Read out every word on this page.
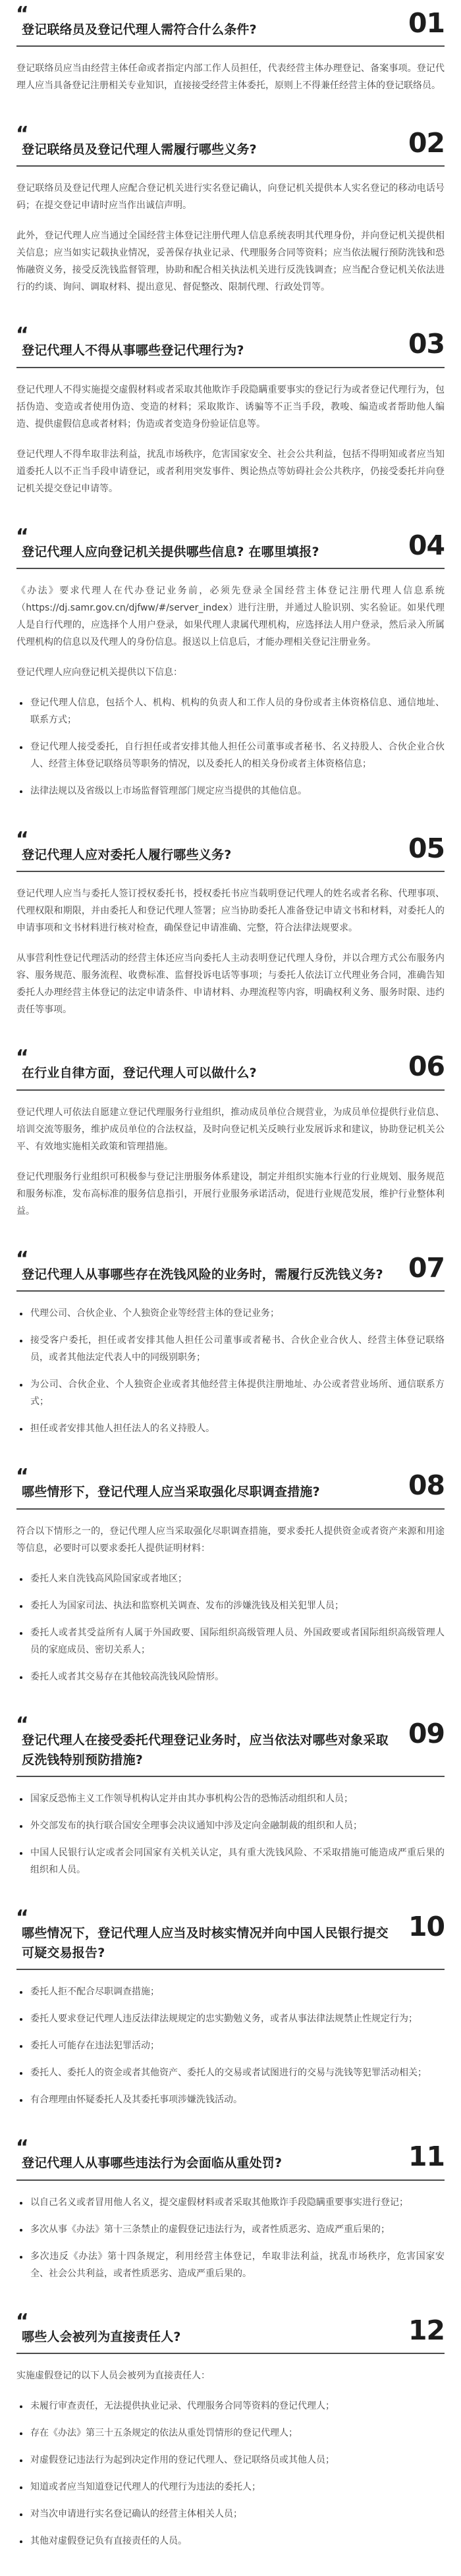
“
登记联络员及登记代理人需符合什么条件?	01

登记联络员应当由经营主体任命或者指定内部工作人员担任，代表经营主体办理登记、备案事项。登记代理人应当具备登记注册相关专业知识，直接接受经营主体委托，原则上不得兼任经营主体的登记联络员。

“
登记联络员及登记代理人需履行哪些义务?	02

登记联络员及登记代理人应配合登记机关进行实名登记确认，向登记机关提供本人实名登记的移动电话号码；在提交登记申请时应当作出诚信声明。

此外，登记代理人应当通过全国经营主体登记注册代理人信息系统表明其代理身份，并向登记机关提供相关信息；应当如实记载执业情况，妥善保存执业记录、代理服务合同等资料；应当依法履行预防洗钱和恐怖融资义务，接受反洗钱监督管理，协助和配合相关执法机关进行反洗钱调查；应当配合登记机关依法进行的约谈、询问、调取材料、提出意见、督促整改、限制代理、行政处罚等。

“
登记代理人不得从事哪些登记代理行为?	03

登记代理人不得实施提交虚假材料或者采取其他欺诈手段隐瞒重要事实的登记行为或者登记代理行为，包括伪造、变造或者使用伪造、变造的材料；采取欺诈、诱骗等不正当手段，教唆、编造或者帮助他人编造、提供虚假信息或者材料；伪造或者变造身份验证信息等。

登记代理人不得牟取非法利益，扰乱市场秩序，危害国家安全、社会公共利益，包括不得明知或者应当知道委托人以不正当手段申请登记，或者利用突发事件、舆论热点等妨碍社会公共秩序，仍接受委托并向登记机关提交登记申请等。

“
登记代理人应向登记机关提供哪些信息? 在哪里填报?	04

《办法》要求代理人在代办登记业务前，必须先登录全国经营主体登记注册代理人信息系统（https://dj.samr.gov.cn/djfww/#/server_index）进行注册，并通过人脸识别、实名验证。如果代理人是自行代理的，应选择个人用户登录，如果代理人隶属代理机构，应选择法人用户登录，然后录入所属代理机构的信息以及代理人的身份信息。报送以上信息后，才能办理相关登记注册业务。

登记代理人应向登记机关提供以下信息：

• 登记代理人信息，包括个人、机构、机构的负责人和工作人员的身份或者主体资格信息、通信地址、联系方式；
• 登记代理人接受委托，自行担任或者安排其他人担任公司董事或者秘书、名义持股人、合伙企业合伙人、经营主体登记联络员等职务的情况，以及委托人的相关身份或者主体资格信息；
• 法律法规以及省级以上市场监督管理部门规定应当提供的其他信息。
“
登记代理人应对委托人履行哪些义务?	05

登记代理人应当与委托人签订授权委托书，授权委托书应当载明登记代理人的姓名或者名称、代理事项、代理权限和期限，并由委托人和登记代理人签署；应当协助委托人准备登记申请文书和材料，对委托人的申请事项和文书材料进行核对检查，确保登记申请准确、完整，符合法律法规要求。

从事营利性登记代理活动的经营主体还应当向委托人主动表明登记代理人身份，并以合理方式公布服务内容、服务规范、服务流程、收费标准、监督投诉电话等事项；与委托人依法订立代理业务合同，准确告知委托人办理经营主体登记的法定申请条件、申请材料、办理流程等内容，明确权利义务、服务时限、违约责任等事项。

“
在行业自律方面，登记代理人可以做什么?	06

登记代理人可依法自愿建立登记代理服务行业组织，推动成员单位合规营业，为成员单位提供行业信息、培训交流等服务，维护成员单位的合法权益，及时向登记机关反映行业发展诉求和建议，协助登记机关公平、有效地实施相关政策和管理措施。

登记代理服务行业组织可积极参与登记注册服务体系建设，制定并组织实施本行业的行业规划、服务规范和服务标准，发布高标准的服务信息指引，开展行业服务承诺活动，促进行业规范发展，维护行业整体利益。

“
登记代理人从事哪些存在洗钱风险的业务时，需履行反洗钱义务? 07
• 代理公司、合伙企业、个人独资企业等经营主体的登记业务；
• 接受客户委托，担任或者安排其他人担任公司董事或者秘书、合伙企业合伙人、经营主体登记联络员，或者其他法定代表人中的同级别职务；
• 为公司、合伙企业、个人独资企业或者其他经营主体提供注册地址、办公或者营业场所、通信联系方式；
• 担任或者安排其他人担任法人的名义持股人。
“
哪些情形下，登记代理人应当采取强化尽职调查措施?	08

符合以下情形之一的，登记代理人应当采取强化尽职调查措施，要求委托人提供资金或者资产来源和用途等信息，必要时可以要求委托人提供证明材料：

• 委托人来自洗钱高风险国家或者地区；
• 委托人为国家司法、执法和监察机关调查、发布的涉嫌洗钱及相关犯罪人员；
• 委托人或者其受益所有人属于外国政要、国际组织高级管理人员、外国政要或者国际组织高级管理人员的家庭成员、密切关系人；
• 委托人或者其交易存在其他较高洗钱风险情形。
“
登记代理人在接受委托代理登记业务时，应当依法对哪些对象采取反洗钱特别预防措施?
09
• 国家反恐怖主义工作领导机构认定并由其办事机构公告的恐怖活动组织和人员；
• 外交部发布的执行联合国安全理事会决议通知中涉及定向金融制裁的组织和人员；
• 中国人民银行认定或者会同国家有关机关认定，具有重大洗钱风险、不采取措施可能造成严重后果的组织和人员。
“
哪些情况下，登记代理人应当及时核实情况并向中国人民银行提交可疑交易报告?
10
• 委托人拒不配合尽职调查措施；
• 委托人要求登记代理人违反法律法规规定的忠实勤勉义务，或者从事法律法规禁止性规定行为；
• 委托人可能存在违法犯罪活动；
• 委托人、委托人的资金或者其他资产、委托人的交易或者试图进行的交易与洗钱等犯罪活动相关；
• 有合理理由怀疑委托人及其委托事项涉嫌洗钱活动。
“
登记代理人从事哪些违法行为会面临从重处罚?	11
• 以自己名义或者冒用他人名义，提交虚假材料或者采取其他欺诈手段隐瞒重要事实进行登记；
• 多次从事《办法》第十三条禁止的虚假登记违法行为，或者性质恶劣、造成严重后果的；
• 多次违反《办法》第十四条规定，利用经营主体登记，牟取非法利益，扰乱市场秩序，危害国家安全、社会公共利益，或者性质恶劣、造成严重后果的。
“
哪些人会被列为直接责任人?	12

实施虚假登记的以下人员会被列为直接责任人：

• 未履行审查责任，无法提供执业记录、代理服务合同等资料的登记代理人；
• 存在《办法》第三十五条规定的依法从重处罚情形的登记代理人；
• 对虚假登记违法行为起到决定作用的登记代理人、登记联络员或其他人员；
• 知道或者应当知道登记代理人的代理行为违法的委托人；
• 对当次申请进行实名登记确认的经营主体相关人员；
• 其他对虚假登记负有直接责任的人员。
